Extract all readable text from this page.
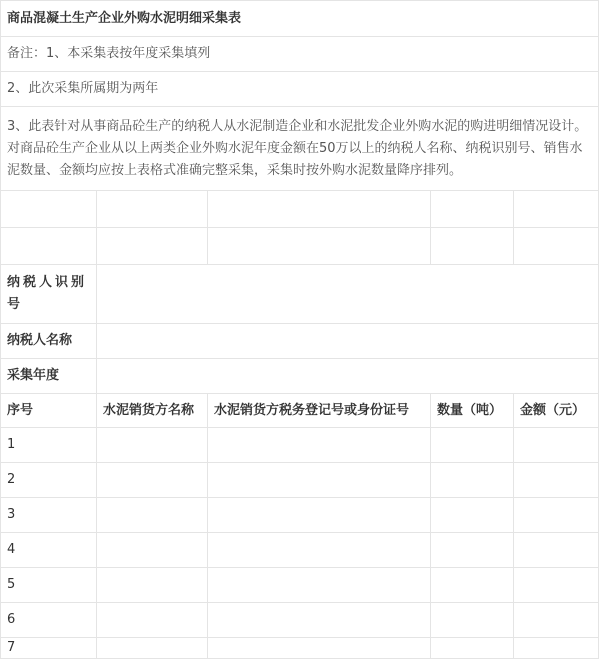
商品混凝土生产企业外购水泥明细采集表				
备注：1、本采集表按年度采集填列				
2、此次采集所属期为两年				
3、此表针对从事商品砼生产的纳税人从水泥制造企业和水泥批发企业外购水泥的购进明细情况设计。对商品砼生产企业从以上两类企业外购水泥年度金额在50万以上的纳税人名称、纳税识别号、销售水泥数量、金额均应按上表格式准确完整采集，采集时按外购水泥数量降序排列。				

纳税人识别号				
纳税人名称				
采集年度				
序号	水泥销货方名称	水泥销货方税务登记号或身份证号	数量（吨）	金额（元）
1				
2				
3				
4				
5				
6				
7				
